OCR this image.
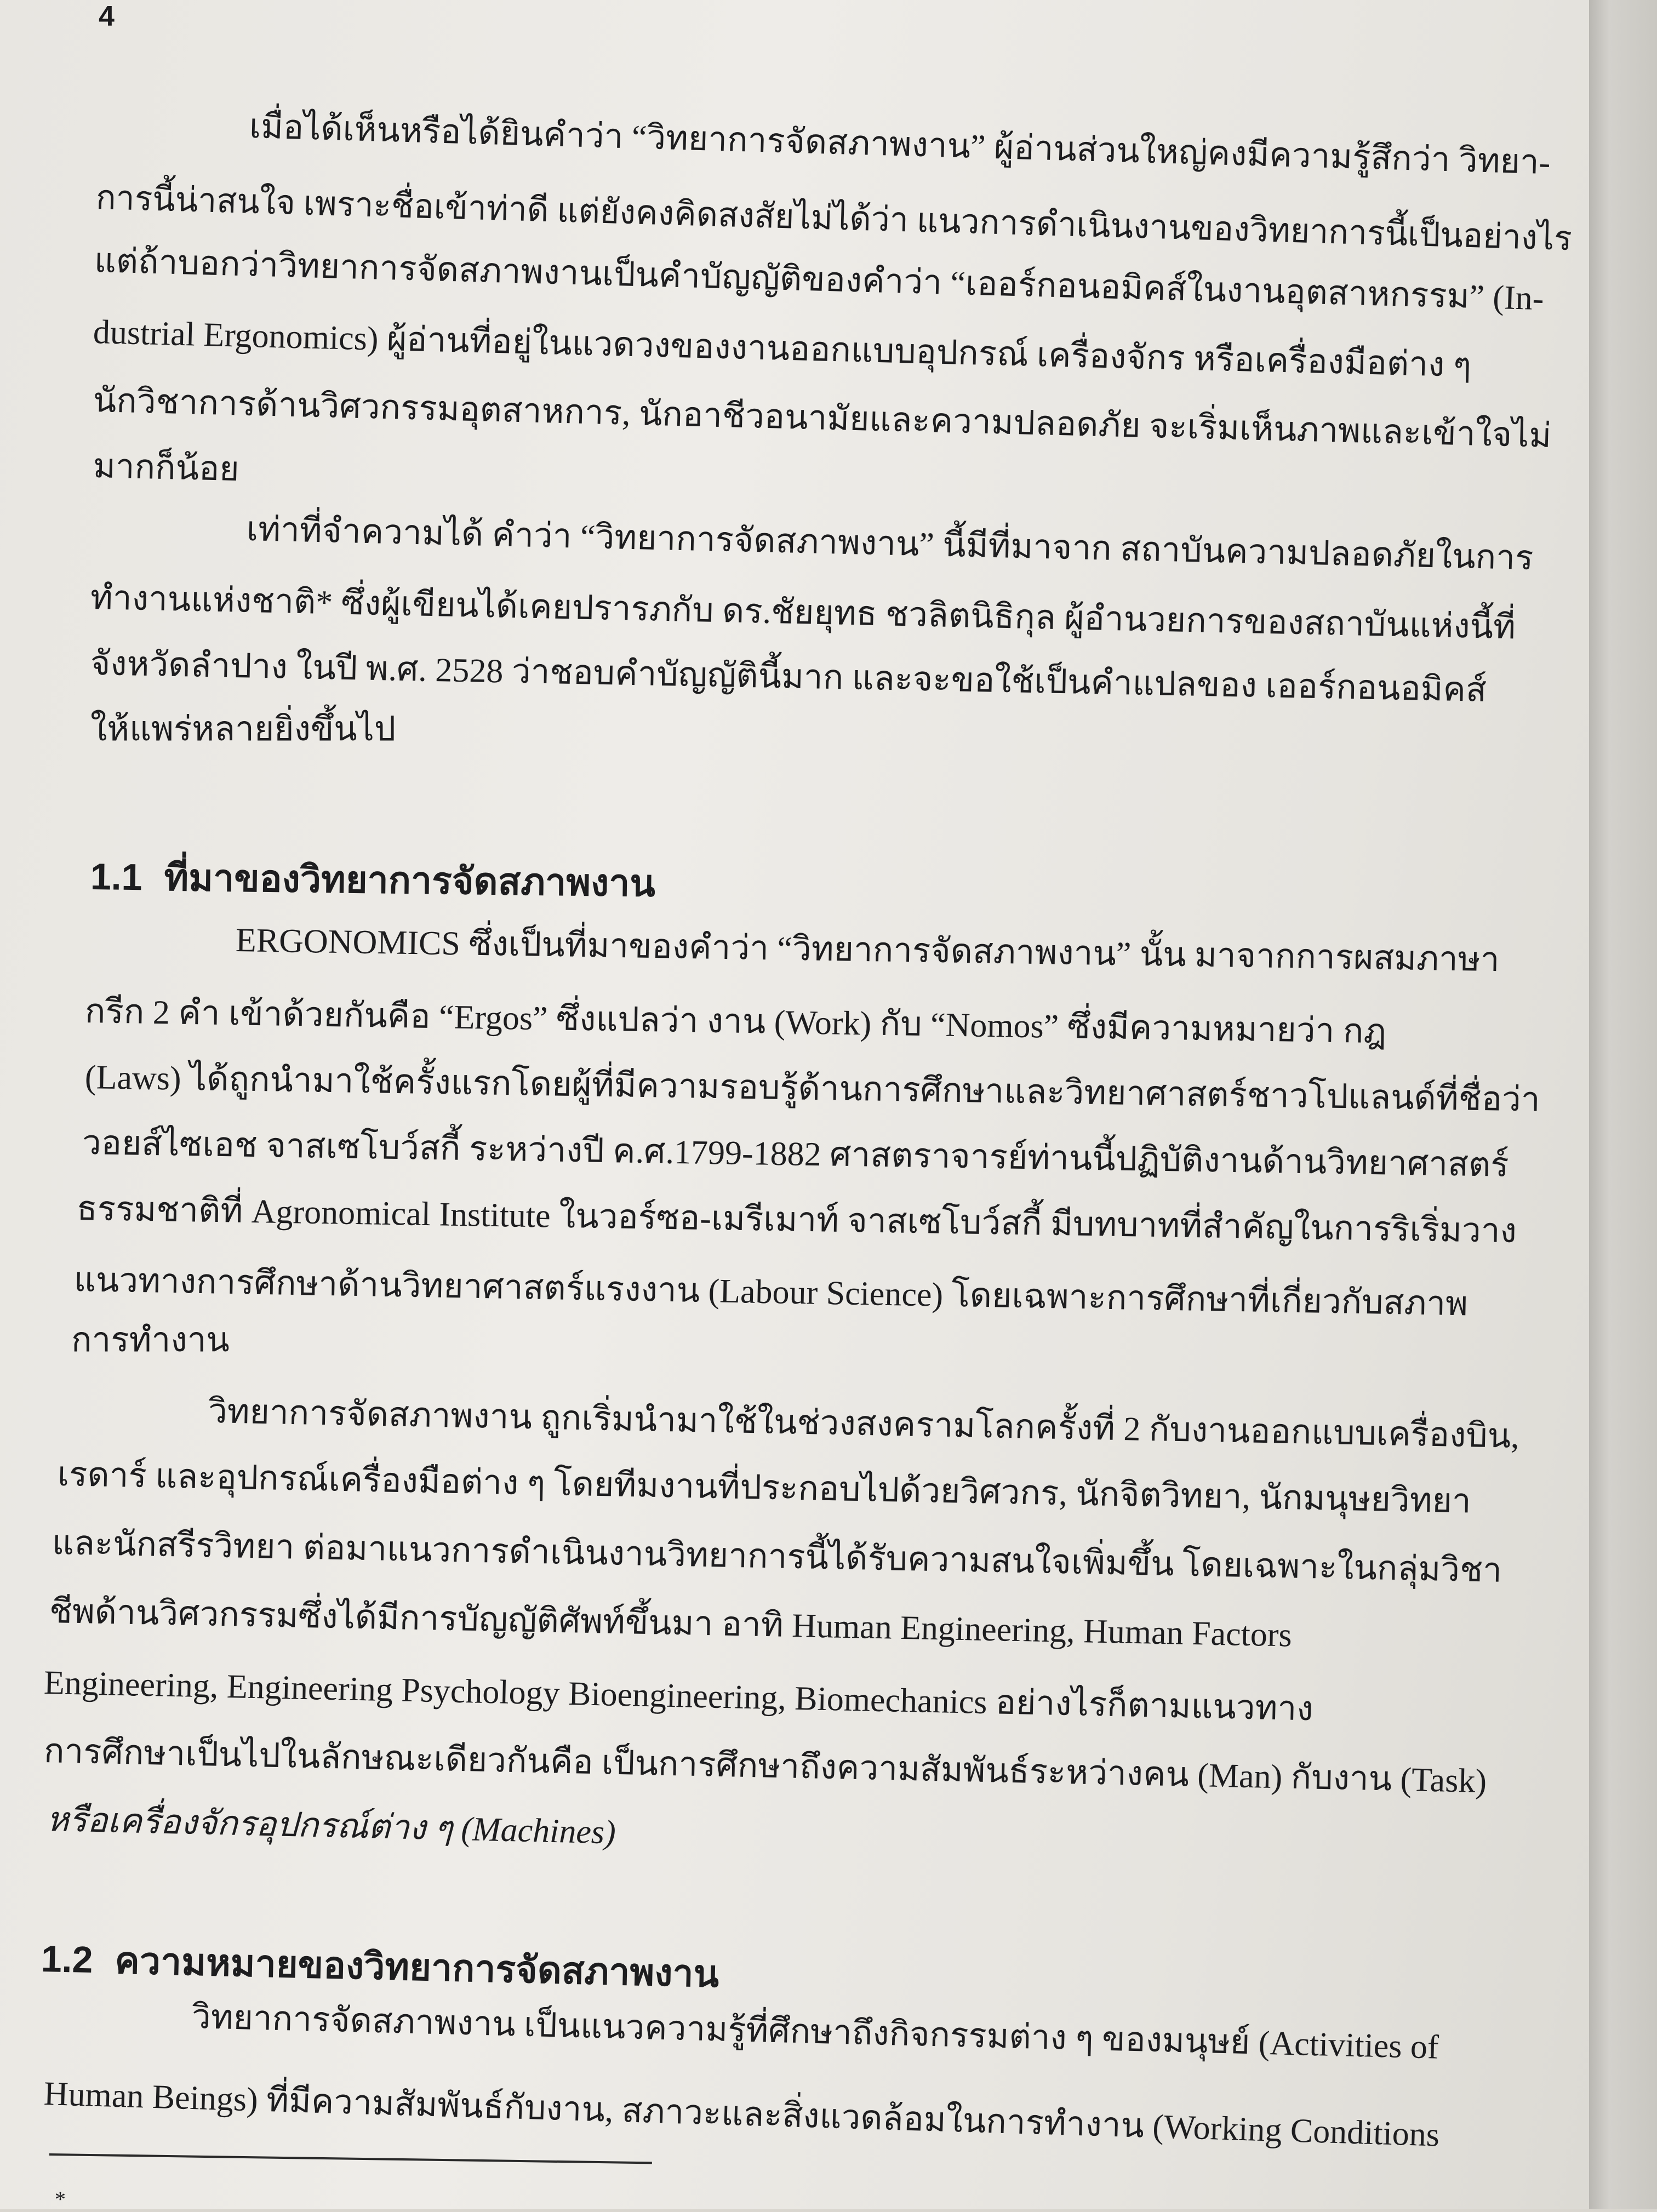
4
เมื่อได้เห็นหรือได้ยินคำว่า “วิทยาการจัดสภาพงาน” ผู้อ่านส่วนใหญ่คงมีความรู้สึกว่า วิทยา-
การนี้น่าสนใจ เพราะชื่อเข้าท่าดี แต่ยังคงคิดสงสัยไม่ได้ว่า แนวการดำเนินงานของวิทยาการนี้เป็นอย่างไร
แต่ถ้าบอกว่าวิทยาการจัดสภาพงานเป็นคำบัญญัติของคำว่า “เออร์กอนอมิคส์ในงานอุตสาหกรรม” (In-
dustrial Ergonomics) ผู้อ่านที่อยู่ในแวดวงของงานออกแบบอุปกรณ์ เครื่องจักร หรือเครื่องมือต่าง ๆ
นักวิชาการด้านวิศวกรรมอุตสาหการ, นักอาชีวอนามัยและความปลอดภัย จะเริ่มเห็นภาพและเข้าใจไม่
มากก็น้อย
เท่าที่จำความได้ คำว่า “วิทยาการจัดสภาพงาน” นี้มีที่มาจาก สถาบันความปลอดภัยในการ
ทำงานแห่งชาติ* ซึ่งผู้เขียนได้เคยปรารภกับ ดร.ชัยยุทธ ชวลิตนิธิกุล ผู้อำนวยการของสถาบันแห่งนี้ที่
จังหวัดลำปาง ในปี พ.ศ. 2528 ว่าชอบคำบัญญัตินี้มาก และจะขอใช้เป็นคำแปลของ เออร์กอนอมิคส์
ให้แพร่หลายยิ่งขึ้นไป
1.1 ที่มาของวิทยาการจัดสภาพงาน
ERGONOMICS ซึ่งเป็นที่มาของคำว่า “วิทยาการจัดสภาพงาน” นั้น มาจากการผสมภาษา
กรีก 2 คำ เข้าด้วยกันคือ “Ergos” ซึ่งแปลว่า งาน (Work) กับ “Nomos” ซึ่งมีความหมายว่า กฎ
(Laws) ได้ถูกนำมาใช้ครั้งแรกโดยผู้ที่มีความรอบรู้ด้านการศึกษาและวิทยาศาสตร์ชาวโปแลนด์ที่ชื่อว่า
วอยส์ไซเอช จาสเซโบว์สกี้ ระหว่างปี ค.ศ.1799-1882 ศาสตราจารย์ท่านนี้ปฏิบัติงานด้านวิทยาศาสตร์
ธรรมชาติที่ Agronomical Institute ในวอร์ซอ-เมรีเมาท์ จาสเซโบว์สกี้ มีบทบาทที่สำคัญในการริเริ่มวาง
แนวทางการศึกษาด้านวิทยาศาสตร์แรงงาน (Labour Science) โดยเฉพาะการศึกษาที่เกี่ยวกับสภาพ
การทำงาน
วิทยาการจัดสภาพงาน ถูกเริ่มนำมาใช้ในช่วงสงครามโลกครั้งที่ 2 กับงานออกแบบเครื่องบิน,
เรดาร์ และอุปกรณ์เครื่องมือต่าง ๆ โดยทีมงานที่ประกอบไปด้วยวิศวกร, นักจิตวิทยา, นักมนุษยวิทยา
และนักสรีรวิทยา ต่อมาแนวการดำเนินงานวิทยาการนี้ได้รับความสนใจเพิ่มขึ้น โดยเฉพาะในกลุ่มวิชา
ชีพด้านวิศวกรรมซึ่งได้มีการบัญญัติศัพท์ขึ้นมา อาทิ Human Engineering, Human Factors
Engineering, Engineering Psychology Bioengineering, Biomechanics อย่างไรก็ตามแนวทาง
การศึกษาเป็นไปในลักษณะเดียวกันคือ เป็นการศึกษาถึงความสัมพันธ์ระหว่างคน (Man) กับงาน (Task)
หรือเครื่องจักรอุปกรณ์ต่าง ๆ (Machines)
1.2 ความหมายของวิทยาการจัดสภาพงาน
วิทยาการจัดสภาพงาน เป็นแนวความรู้ที่ศึกษาถึงกิจกรรมต่าง ๆ ของมนุษย์ (Activities of
Human Beings) ที่มีความสัมพันธ์กับงาน, สภาวะและสิ่งแวดล้อมในการทำงาน (Working Conditions
*
